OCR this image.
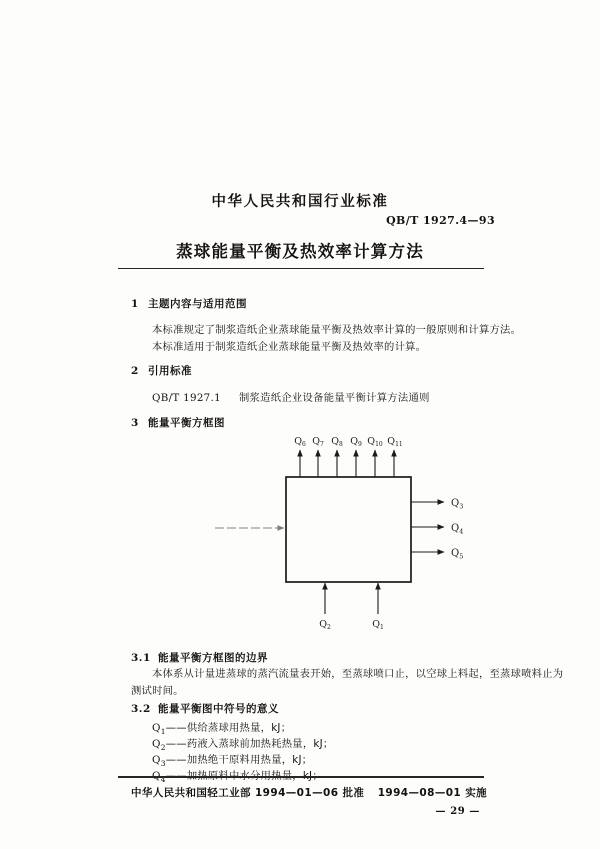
中华人民共和国行业标准
QB/T 1927.4—93
蒸球能量平衡及热效率计算方法
1 主题内容与适用范围
本标准规定了制浆造纸企业蒸球能量平衡及热效率计算的一般原则和计算方法。
本标准适用于制浆造纸企业蒸球能量平衡及热效率的计算。
2 引用标准
QB/T 1927.1 制浆造纸企业设备能量平衡计算方法通则
3 能量平衡方框图
$Q_6$ $Q_7$ $Q_8$ $Q_9$ $Q_{10}$ $Q_{11}$
$Q_3$
$Q_4$
$Q_5$
$Q_2$	$Q_1$
3.1 能量平衡方框图的边界
本体系从计量进蒸球的蒸汽流量表开始，至蒸球喷口止，以空球上料起，至蒸球喷料止为
测试时间。
3.2 能量平衡图中符号的意义
$Q_1——$供给蒸球用热量，kJ；
$Q_2——$药液入蒸球前加热耗热量，kJ；
$Q_3——$加热绝干原料用热量，kJ；
$Q_4——$加热原料中水分用热量，kJ；
中华人民共和国轻工业部 1994—01—06 批准 1994—08—01 实施
— 29 —
